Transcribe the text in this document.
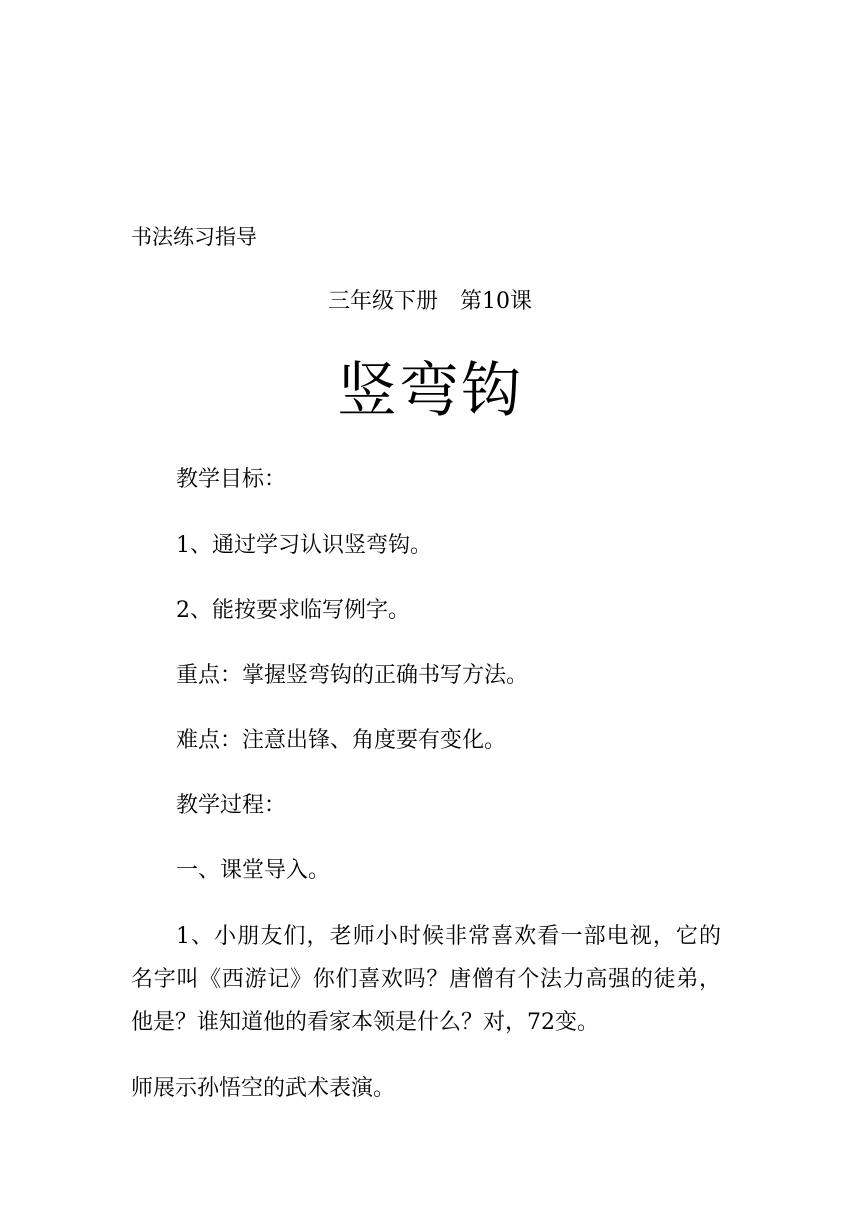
书法练习指导
三年级下册　第10课
竖弯钩
教学目标：
1、通过学习认识竖弯钩。
2、能按要求临写例字。
重点：掌握竖弯钩的正确书写方法。
难点：注意出锋、角度要有变化。
教学过程：
一、课堂导入。
1、小朋友们，老师小时候非常喜欢看一部电视，它的
名字叫《西游记》你们喜欢吗？唐僧有个法力高强的徒弟，
他是？谁知道他的看家本领是什么？对，72变。
师展示孙悟空的武术表演。
